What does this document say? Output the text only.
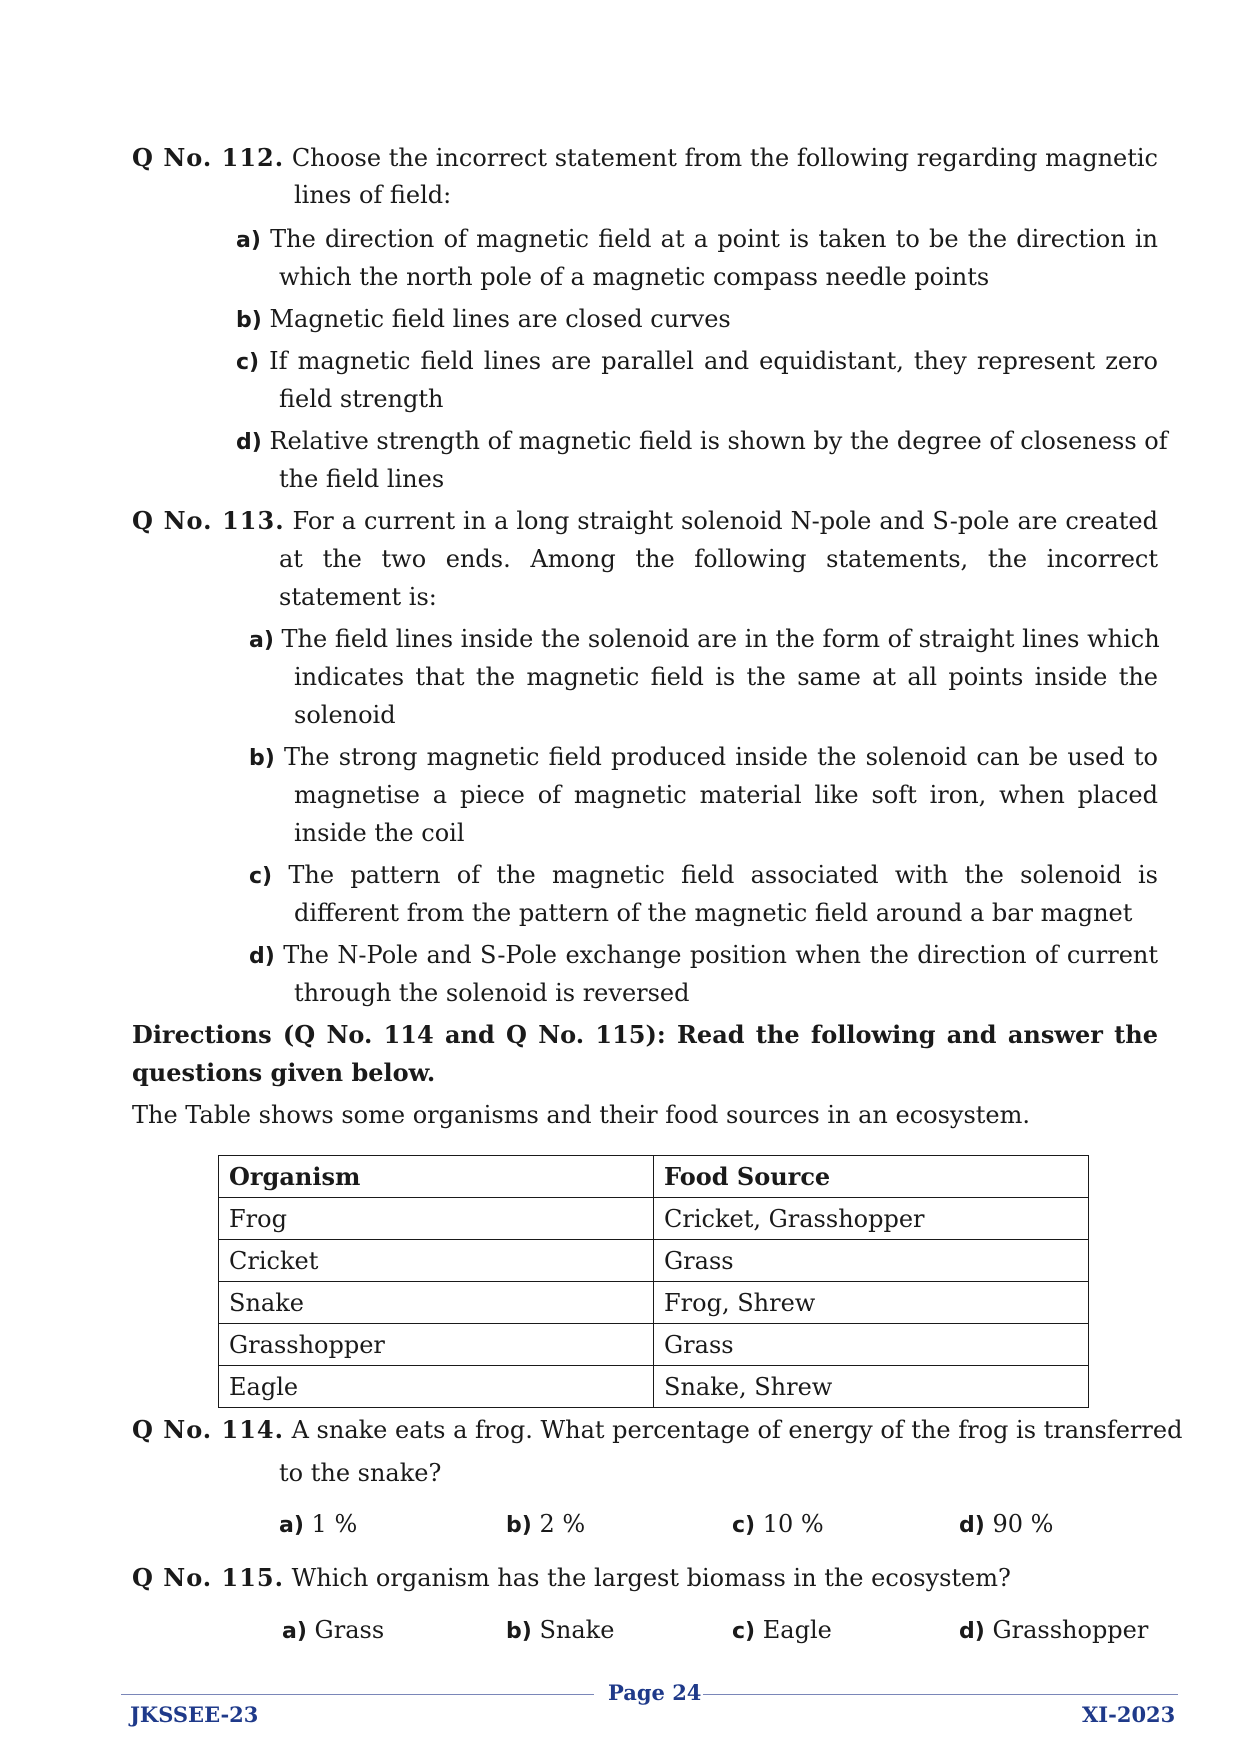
Q No. 112. Choose the incorrect statement from the following regarding magnetic
lines of field:
a) The direction of magnetic field at a point is taken to be the direction in
which the north pole of a magnetic compass needle points
b) Magnetic field lines are closed curves
c) If magnetic field lines are parallel and equidistant, they represent zero
field strength
d) Relative strength of magnetic field is shown by the degree of closeness of
the field lines
Q No. 113. For a current in a long straight solenoid N-pole and S-pole are created
at the two ends. Among the following statements, the incorrect
statement is:
a) The field lines inside the solenoid are in the form of straight lines which
indicates that the magnetic field is the same at all points inside the
solenoid
b) The strong magnetic field produced inside the solenoid can be used to
magnetise a piece of magnetic material like soft iron, when placed
inside the coil
c) The pattern of the magnetic field associated with the solenoid is
different from the pattern of the magnetic field around a bar magnet
d) The N-Pole and S-Pole exchange position when the direction of current
through the solenoid is reversed
Directions (Q No. 114 and Q No. 115): Read the following and answer the
questions given below.
The Table shows some organisms and their food sources in an ecosystem.
Organism	Food Source
Frog	Cricket, Grasshopper
Cricket	Grass
Snake	Frog, Shrew
Grasshopper	Grass
Eagle	Snake, Shrew
Q No. 114. A snake eats a frog. What percentage of energy of the frog is transferred
to the snake?
a) 1 %	b) 2 %	c) 10 %	d) 90 %
Q No. 115. Which organism has the largest biomass in the ecosystem?
a) Grass	b) Snake	c) Eagle	d) Grasshopper
Page 24
JKSSEE-23	XI-2023
